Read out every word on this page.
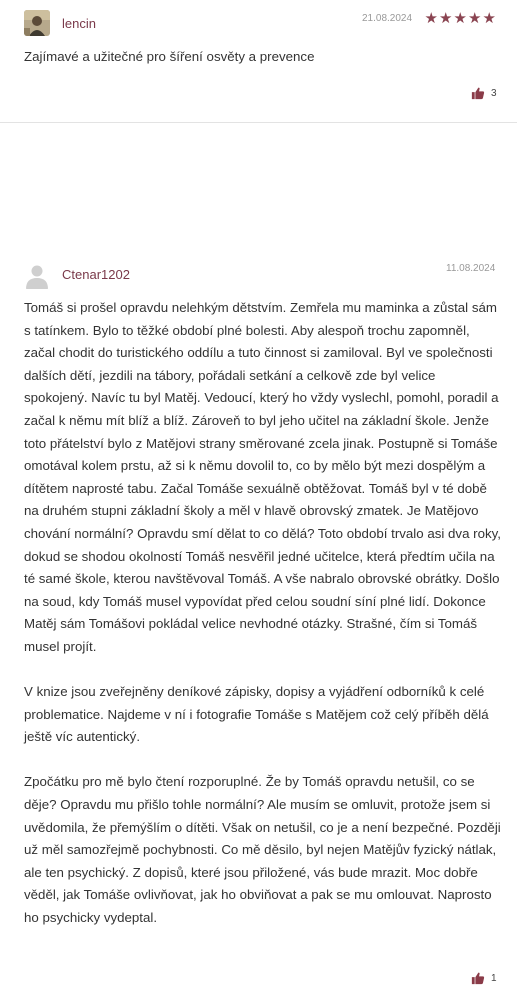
lencin	21.08.2024 ★★★★★

Zajímavé a užitečné pro šíření osvěty a prevence

3
Ctenar1202	11.08.2024

Tomáš si prošel opravdu nelehkým dětstvím. Zemřela mu maminka a zůstal sám s tatínkem. Bylo to těžké období plné bolesti. Aby alespoň trochu zapomněl, začal chodit do turistického oddílu a tuto činnost si zamiloval. Byl ve společnosti dalších dětí, jezdili na tábory, pořádali setkání a celkově zde byl velice spokojený. Navíc tu byl Matěj. Vedoucí, který ho vždy vyslechl, pomohl, poradil a začal k němu mít blíž a blíž. Zároveň to byl jeho učitel na základní škole. Jenže toto přátelství bylo z Matějovi strany směrované zcela jinak. Postupně si Tomáše omotával kolem prstu, až si k němu dovolil to, co by mělo být mezi dospělým a dítětem naprosté tabu. Začal Tomáše sexuálně obtěžovat. Tomáš byl v té době na druhém stupni základní školy a měl v hlavě obrovský zmatek. Je Matějovo chování normální? Opravdu smí dělat to co dělá? Toto období trvalo asi dva roky, dokud se shodou okolností Tomáš nesvěřil jedné učitelce, která předtím učila na té samé škole, kterou navštěvoval Tomáš. A vše nabralo obrovské obrátky. Došlo na soud, kdy Tomáš musel vypovídat před celou soudní síní plné lidí. Dokonce Matěj sám Tomášovi pokládal velice nevhodné otázky. Strašné, čím si Tomáš musel projít.

V knize jsou zveřejněny deníkové zápisky, dopisy a vyjádření odborníků k celé problematice. Najdeme v ní i fotografie Tomáše s Matějem což celý příběh dělá ještě víc autentický.

Zpočátku pro mě bylo čtení rozporuplné. Že by Tomáš opravdu netušil, co se děje? Opravdu mu přišlo tohle normální? Ale musím se omluvit, protože jsem si uvědomila, že přemýšlím o dítěti. Však on netušil, co je a není bezpečné. Později už měl samozřejmě pochybnosti. Co mě děsilo, byl nejen Matějův fyzický nátlak, ale ten psychický. Z dopisů, které jsou přiložené, vás bude mrazit. Moc dobře věděl, jak Tomáše ovlivňovat, jak ho obviňovat a pak se mu omlouvat. Naprosto ho psychicky vydeptal.

1
